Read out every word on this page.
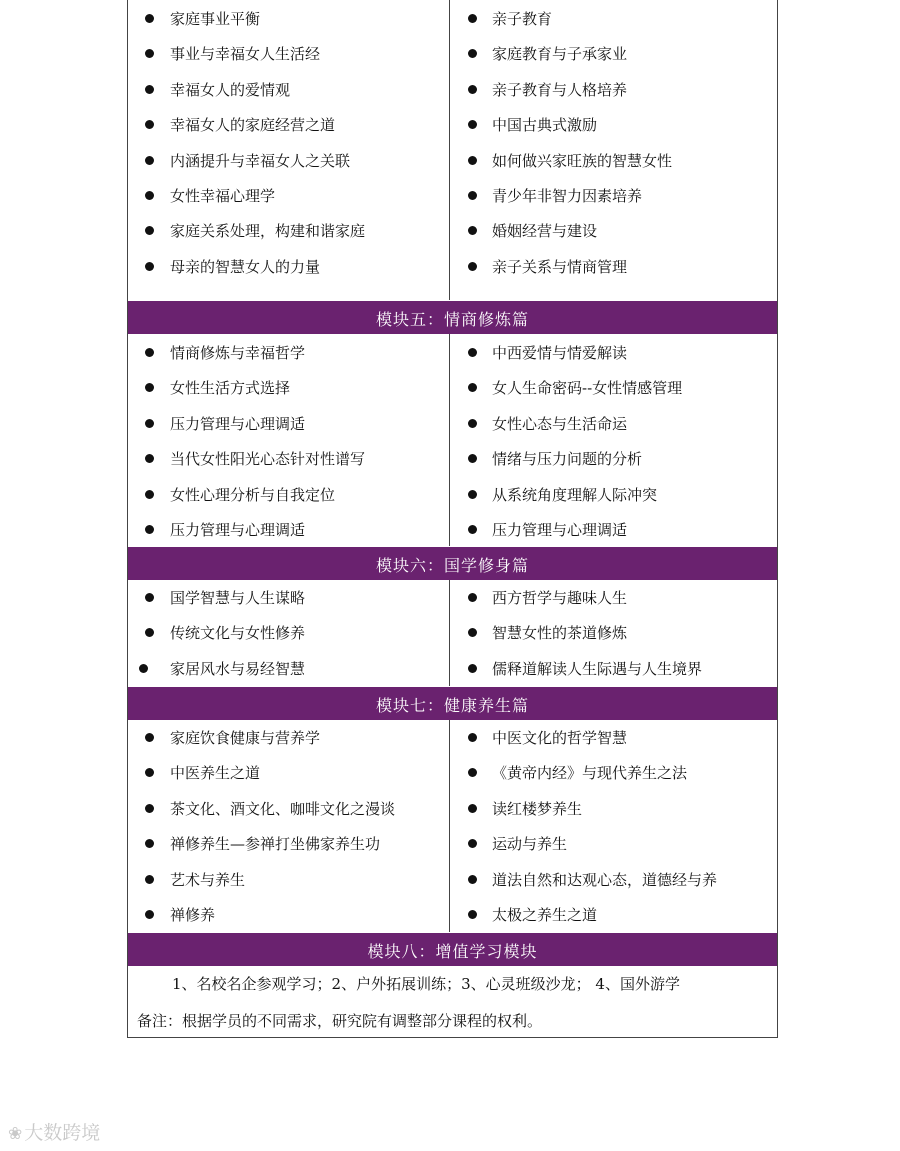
家庭事业平衡
事业与幸福女人生活经
幸福女人的爱情观
幸福女人的家庭经营之道
内涵提升与幸福女人之关联
女性幸福心理学
家庭关系处理，构建和谐家庭
母亲的智慧女人的力量
亲子教育
家庭教育与子承家业
亲子教育与人格培养
中国古典式激励
如何做兴家旺族的智慧女性
青少年非智力因素培养
婚姻经营与建设
亲子关系与情商管理
模块五：情商修炼篇
情商修炼与幸福哲学
女性生活方式选择
压力管理与心理调适
当代女性阳光心态针对性谱写
女性心理分析与自我定位
压力管理与心理调适
中西爱情与情爱解读
女人生命密码--女性情感管理
女性心态与生活命运
情绪与压力问题的分析
从系统角度理解人际冲突
压力管理与心理调适
模块六：国学修身篇
国学智慧与人生谋略
传统文化与女性修养
家居风水与易经智慧
西方哲学与趣味人生
智慧女性的茶道修炼
儒释道解读人生际遇与人生境界
模块七：健康养生篇
家庭饮食健康与营养学
中医养生之道
茶文化、酒文化、咖啡文化之漫谈
禅修养生—参禅打坐佛家养生功
艺术与养生
禅修养
中医文化的哲学智慧
《黄帝内经》与现代养生之法
读红楼梦养生
运动与养生
道法自然和达观心态，道德经与养
太极之养生之道
模块八：增值学习模块
1、名校名企参观学习；2、户外拓展训练；3、心灵班级沙龙； 4、国外游学
备注：根据学员的不同需求，研究院有调整部分课程的权利。
❀ 大数跨境
